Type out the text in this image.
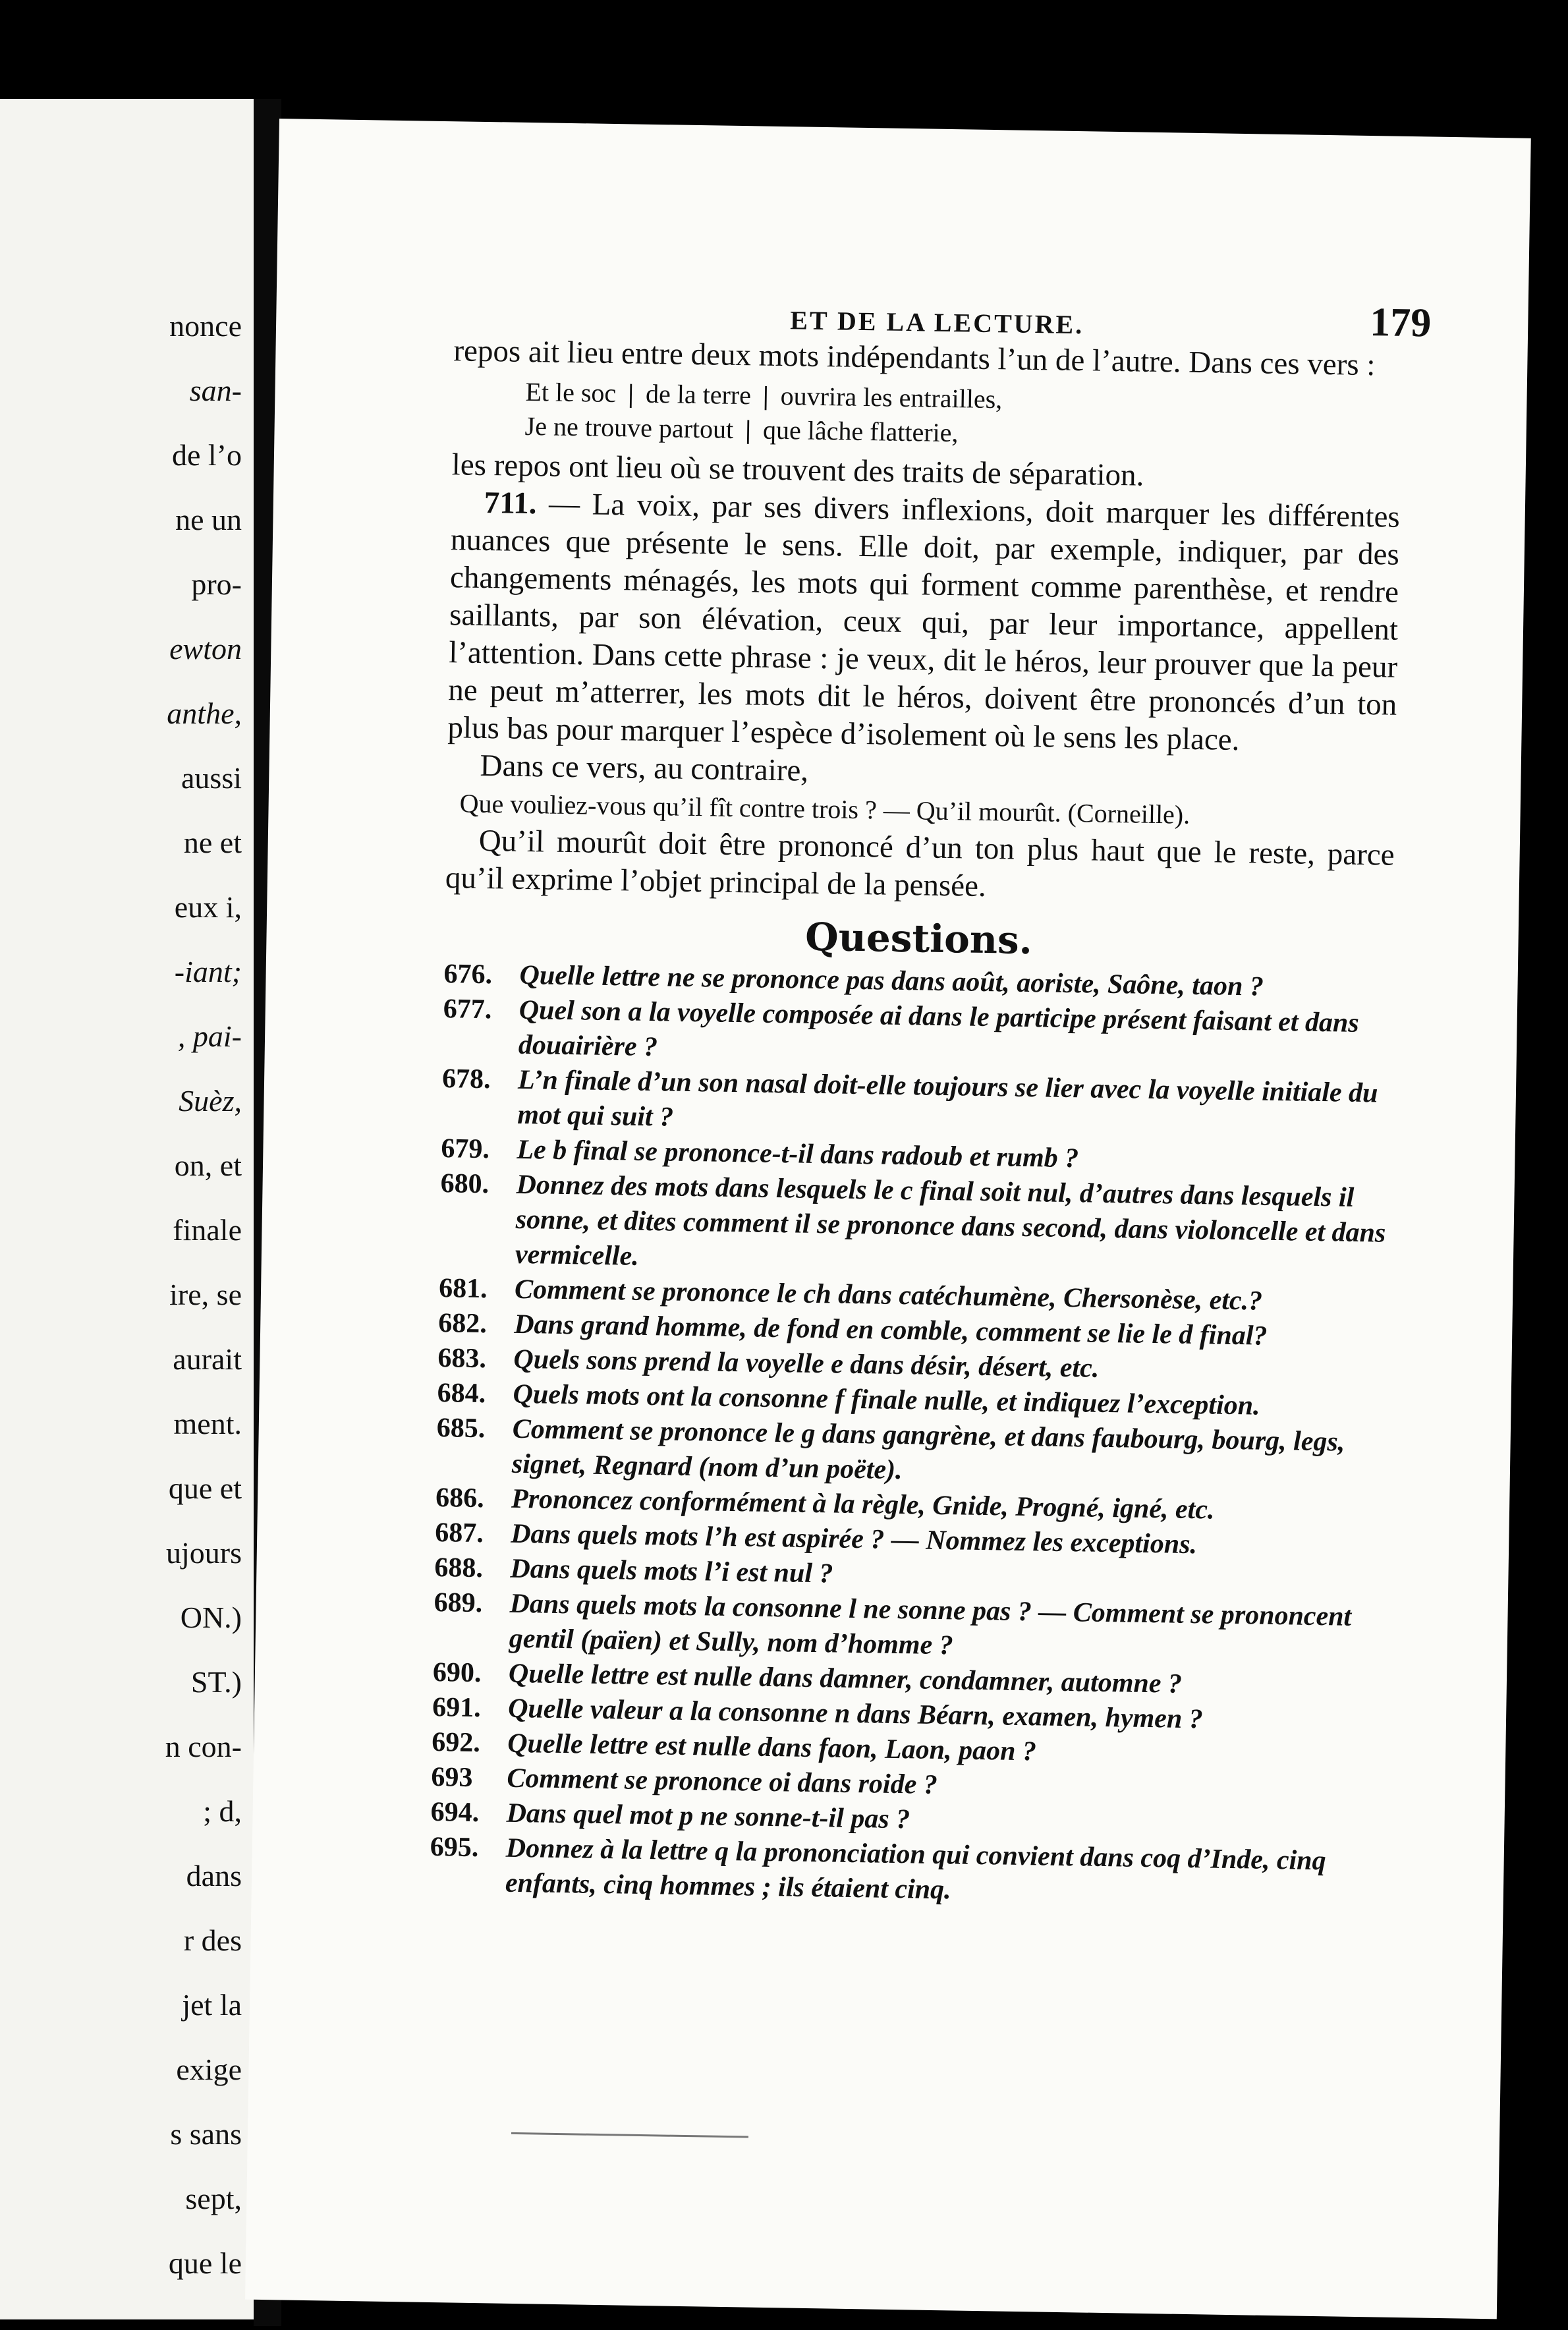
nonce
san-
de l’o
ne un
pro-
ewton
anthe,
aussi
ne et
eux i,
-iant;
, pai-
Suèz,
on, et
finale
ire, se
aurait
ment.
que et
ujours
ON.)
ST.)
n con-
; d,
dans
r des
jet la
exige
s sans
sept,
que le
ET DE LA LECTURE.	179

repos ait lieu entre deux mots indépendants l’un de l’autre. Dans ces vers :

Et le soc | de la terre | ouvrira les entrailles,
Je ne trouve partout | que lâche flatterie,

les repos ont lieu où se trouvent des traits de séparation.

711. — La voix, par ses divers inflexions, doit marquer les différentes nuances que présente le sens. Elle doit, par exemple, indiquer, par des changements ménagés, les mots qui forment comme parenthèse, et rendre saillants, par son élévation, ceux qui, par leur importance, appellent l’attention. Dans cette phrase : je veux, dit le héros, leur prouver que la peur ne peut m’atterrer, les mots dit le héros, doivent être prononcés d’un ton plus bas pour marquer l’espèce d’isolement où le sens les place.

Dans ce vers, au contraire,

Que vouliez-vous qu’il fît contre trois ? — Qu’il mourût. (Corneille).

Qu’il mourût doit être prononcé d’un ton plus haut que le reste, parce qu’il exprime l’objet principal de la pensée.

Questions.
676. Quelle lettre ne se prononce pas dans août, aoriste, Saône, taon ?
677. Quel son a la voyelle composée ai dans le participe présent faisant et dans douairière ?
678. L’n finale d’un son nasal doit-elle toujours se lier avec la voyelle initiale du mot qui suit ?
679. Le b final se prononce-t-il dans radoub et rumb ?
680. Donnez des mots dans lesquels le c final soit nul, d’autres dans lesquels il sonne, et dites comment il se prononce dans second, dans violoncelle et dans vermicelle.
681. Comment se prononce le ch dans catéchumène, Chersonèse, etc.?
682. Dans grand homme, de fond en comble, comment se lie le d final?
683. Quels sons prend la voyelle e dans désir, désert, etc.
684. Quels mots ont la consonne f finale nulle, et indiquez l’exception.
685. Comment se prononce le g dans gangrène, et dans faubourg, bourg, legs, signet, Regnard (nom d’un poëte).
686. Prononcez conformément à la règle, Gnide, Progné, igné, etc.
687. Dans quels mots l’h est aspirée ? — Nommez les exceptions.
688. Dans quels mots l’i est nul ?
689. Dans quels mots la consonne l ne sonne pas ? — Comment se prononcent gentil (païen) et Sully, nom d’homme ?
690. Quelle lettre est nulle dans damner, condamner, automne ?
691. Quelle valeur a la consonne n dans Béarn, examen, hymen ?
692. Quelle lettre est nulle dans faon, Laon, paon ?
693	Comment se prononce oi dans roide ?
694. Dans quel mot p ne sonne-t-il pas ?
695. Donnez à la lettre q la prononciation qui convient dans coq d’Inde, cinq enfants, cinq hommes ; ils étaient cinq.
